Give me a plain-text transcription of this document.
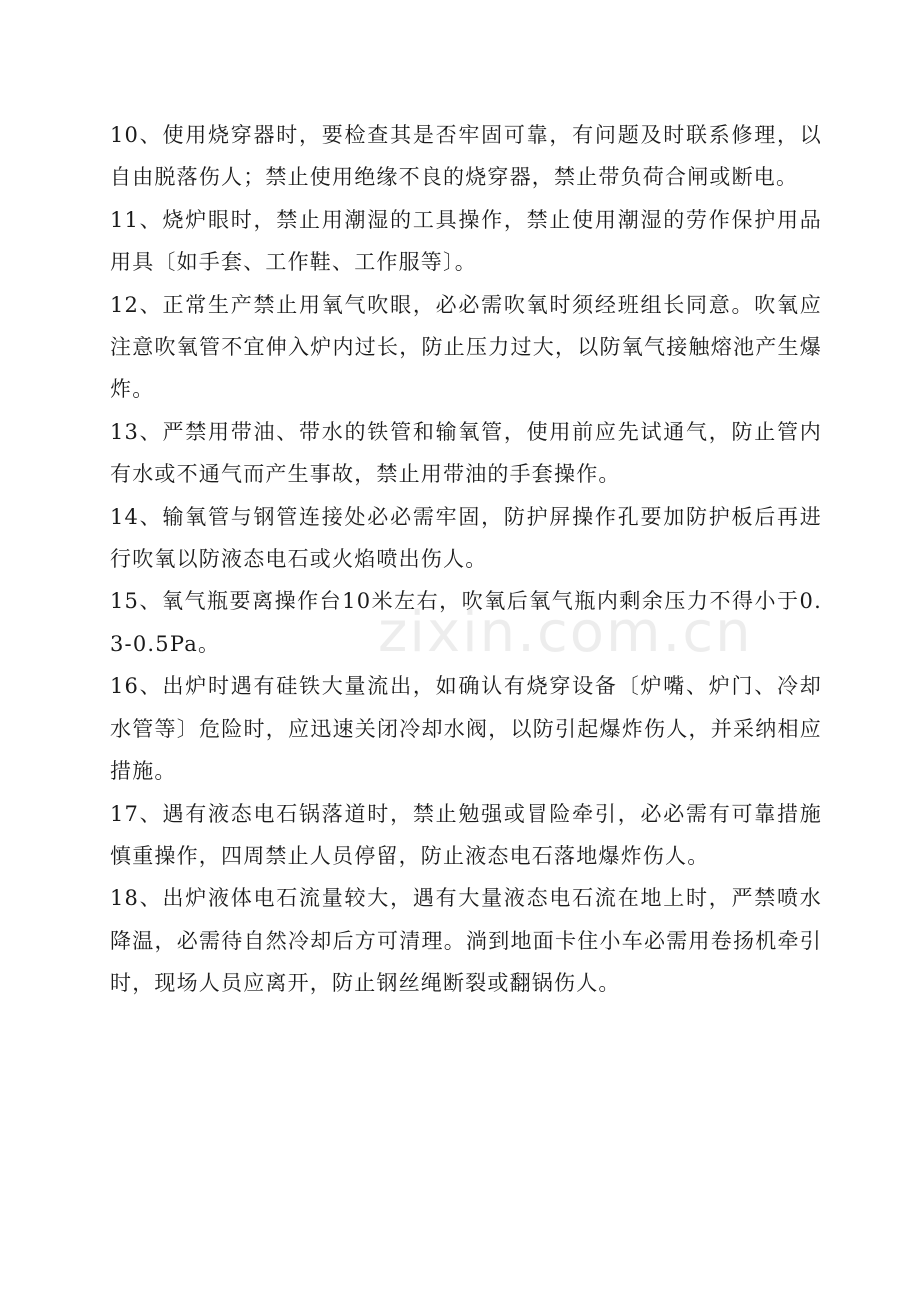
10、使用烧穿器时，要检查其是否牢固可靠，有问题及时联系修理，以自由脱落伤人；禁止使用绝缘不良的烧穿器，禁止带负荷合闸或断电。

11、烧炉眼时，禁止用潮湿的工具操作，禁止使用潮湿的劳作保护用品用具〔如手套、工作鞋、工作服等〕。

12、正常生产禁止用氧气吹眼，必必需吹氧时须经班组长同意。吹氧应注意吹氧管不宜伸入炉内过长，防止压力过大，以防氧气接触熔池产生爆炸。

13、严禁用带油、带水的铁管和输氧管，使用前应先试通气，防止管内有水或不通气而产生事故，禁止用带油的手套操作。

14、输氧管与钢管连接处必必需牢固，防护屏操作孔要加防护板后再进行吹氧以防液态电石或火焰喷出伤人。

15、氧气瓶要离操作台10米左右，吹氧后氧气瓶内剩余压力不得小于0.3-0.5Pa。

16、出炉时遇有硅铁大量流出，如确认有烧穿设备〔炉嘴、炉门、冷却水管等〕危险时，应迅速关闭冷却水阀，以防引起爆炸伤人，并采纳相应措施。

17、遇有液态电石锅落道时，禁止勉强或冒险牵引，必必需有可靠措施慎重操作，四周禁止人员停留，防止液态电石落地爆炸伤人。

18、出炉液体电石流量较大，遇有大量液态电石流在地上时，严禁喷水降温，必需待自然冷却后方可清理。淌到地面卡住小车必需用卷扬机牵引时，现场人员应离开，防止钢丝绳断裂或翻锅伤人。

zixin.com.cn
